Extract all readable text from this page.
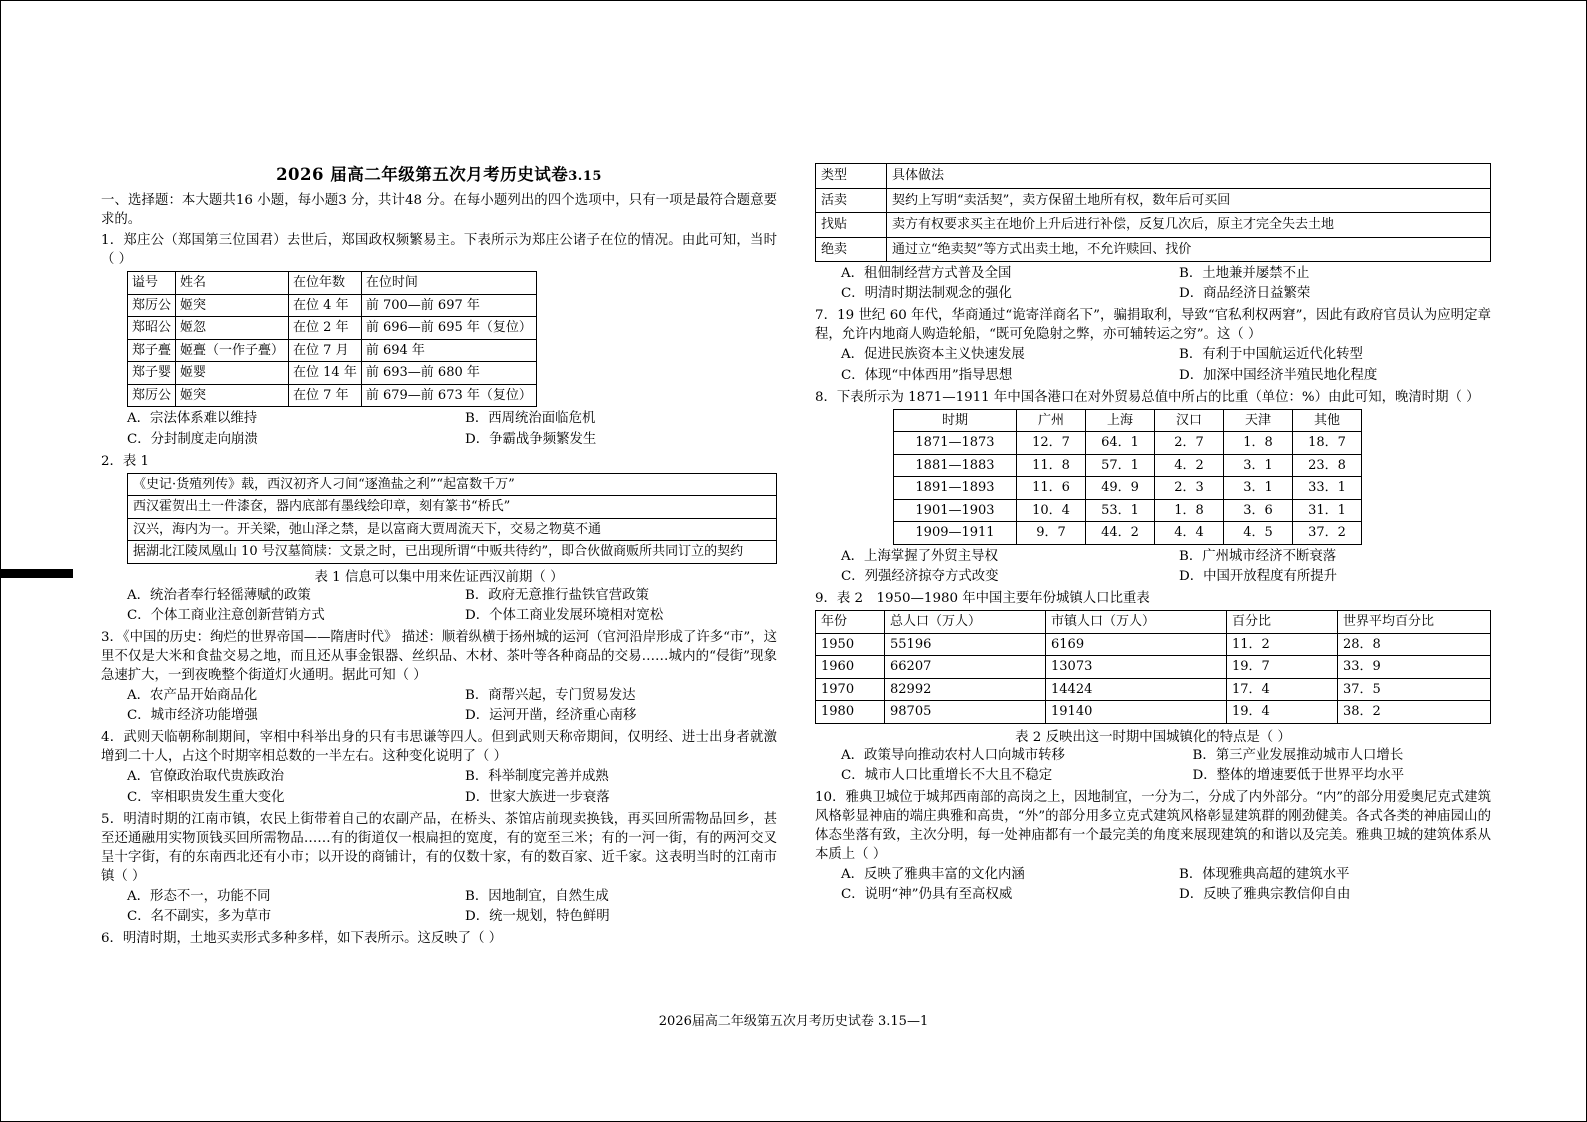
2026 届高二年级第五次月考历史试卷3.15

一、选择题：本大题共16 小题，每小题3 分，共计48 分。在每小题列出的四个选项中，只有一项是最符合题意要求的。

1．郑庄公（郑国第三位国君）去世后，郑国政权频繁易主。下表所示为郑庄公诸子在位的情况。由此可知，当时（ ）

谥号	姓名	在位年数	在位时间
郑厉公	姬突	在位 4 年	前 700—前 697 年
郑昭公	姬忽	在位 2 年	前 696—前 695 年（复位）
郑子亹	姬亹（一作子亹）	在位 7 月	前 694 年
郑子婴	姬婴	在位 14 年	前 693—前 680 年
郑厉公	姬突	在位 7 年	前 679—前 673 年（复位）
A．宗法体系难以维持	B．西周统治面临危机
C．分封制度走向崩溃	D．争霸战争频繁发生

2．表 1

《史记·货殖列传》载，西汉初齐人刁间“逐渔盐之利”“起富数千万”
西汉霍贺出土一件漆奁，器内底部有墨线绘印章，刻有篆书“桥氏”
汉兴，海内为一。开关梁，弛山泽之禁，是以富商大贾周流天下，交易之物莫不通
据湖北江陵凤凰山 10 号汉墓简牍：文景之时，已出现所谓“中贩共待约”，即合伙做商贩所共同订立的契约

表 1 信息可以集中用来佐证西汉前期（ ）

A．统治者奉行轻徭薄赋的政策	B．政府无意推行盐铁官营政策
C．个体工商业注意创新营销方式	D．个体工商业发展环境相对宽松

3．《中国的历史：绚烂的世界帝国——隋唐时代》 描述：顺着纵横于扬州城的运河（官河沿岸形成了许多“市”，这里不仅是大米和食盐交易之地，而且还从事金银器、丝织品、木材、茶叶等各种商品的交易……城内的“侵街”现象急速扩大，一到夜晚整个街道灯火通明。据此可知（ ）

A．农产品开始商品化	B．商帮兴起，专门贸易发达
C．城市经济功能增强	D．运河开凿，经济重心南移

4．武则天临朝称制期间，宰相中科举出身的只有韦思谦等四人。但到武则天称帝期间，仅明经、进士出身者就激增到二十人，占这个时期宰相总数的一半左右。这种变化说明了（ ）

A．官僚政治取代贵族政治	B．科举制度完善并成熟
C．宰相职贵发生重大变化	D．世家大族进一步衰落

5．明清时期的江南市镇，农民上街带着自己的农副产品，在桥头、茶馆店前现卖换钱，再买回所需物品回乡，甚至还通融用实物顶钱买回所需物品……有的街道仅一根扁担的宽度，有的宽至三米；有的一河一街，有的两河交叉呈十字街，有的东南西北还有小市；以开设的商铺计，有的仅数十家，有的数百家、近千家。这表明当时的江南市镇（ ）

A．形态不一，功能不同	B．因地制宜，自然生成
C．名不副实，多为草市	D．统一规划，特色鲜明

6．明清时期，土地买卖形式多种多样，如下表所示。这反映了（ ）

类型	具体做法
活卖	契约上写明“卖活契”，卖方保留土地所有权，数年后可买回
找贴	卖方有权要求买主在地价上升后进行补偿，反复几次后，原主才完全失去土地
绝卖	通过立“绝卖契”等方式出卖土地，不允许赎回、找价
A．租佃制经营方式普及全国	B．土地兼并屡禁不止
C．明清时期法制观念的强化	D．商品经济日益繁荣

7．19 世纪 60 年代，华商通过“诡寄洋商名下”，骗捐取利，导致“官私利权两窘”，因此有政府官员认为应明定章程，允许内地商人购造轮船，“既可免隐射之弊，亦可辅转运之穷”。这（ ）

A．促进民族资本主义快速发展	B．有利于中国航运近代化转型
C．体现“中体西用”指导思想	D．加深中国经济半殖民地化程度

8．下表所示为 1871—1911 年中国各港口在对外贸易总值中所占的比重（单位：%）由此可知，晚清时期（ ）

时期	广州	上海	汉口	天津	其他
1871—1873	12．7	64．1	2．7	1．8	18．7
1881—1883	11．8	57．1	4．2	3．1	23．8
1891—1893	11．6	49．9	2．3	3．1	33．1
1901—1903	10．4	53．1	1．8	3．6	31．1
1909—1911	9．7	44．2	4．4	4．5	37．2
A．上海掌握了外贸主导权	B．广州城市经济不断衰落
C．列强经济掠夺方式改变	D．中国开放程度有所提升

9．表 2　1950—1980 年中国主要年份城镇人口比重表

年份	总人口（万人）	市镇人口（万人）	百分比	世界平均百分比
1950	55196	6169	11．2	28．8
1960	66207	13073	19．7	33．9
1970	82992	14424	17．4	37．5
1980	98705	19140	19．4	38．2

表 2 反映出这一时期中国城镇化的特点是（ ）

A．政策导向推动农村人口向城市转移	B．第三产业发展推动城市人口增长
C．城市人口比重增长不大且不稳定	D．整体的增速要低于世界平均水平

10．雅典卫城位于城邦西南部的高岗之上，因地制宜，一分为二，分成了内外部分。“内”的部分用爱奥尼克式建筑风格彰显神庙的端庄典雅和高贵，“外”的部分用多立克式建筑风格彰显建筑群的刚劲健美。各式各类的神庙园山的体态坐落有致，主次分明，每一处神庙都有一个最完美的角度来展现建筑的和谐以及完美。雅典卫城的建筑体系从本质上（ ）

A．反映了雅典丰富的文化内涵	B．体现雅典高超的建筑水平
C．说明“神”仍具有至高权威	D．反映了雅典宗教信仰自由
2026届高二年级第五次月考历史试卷 3.15—1
